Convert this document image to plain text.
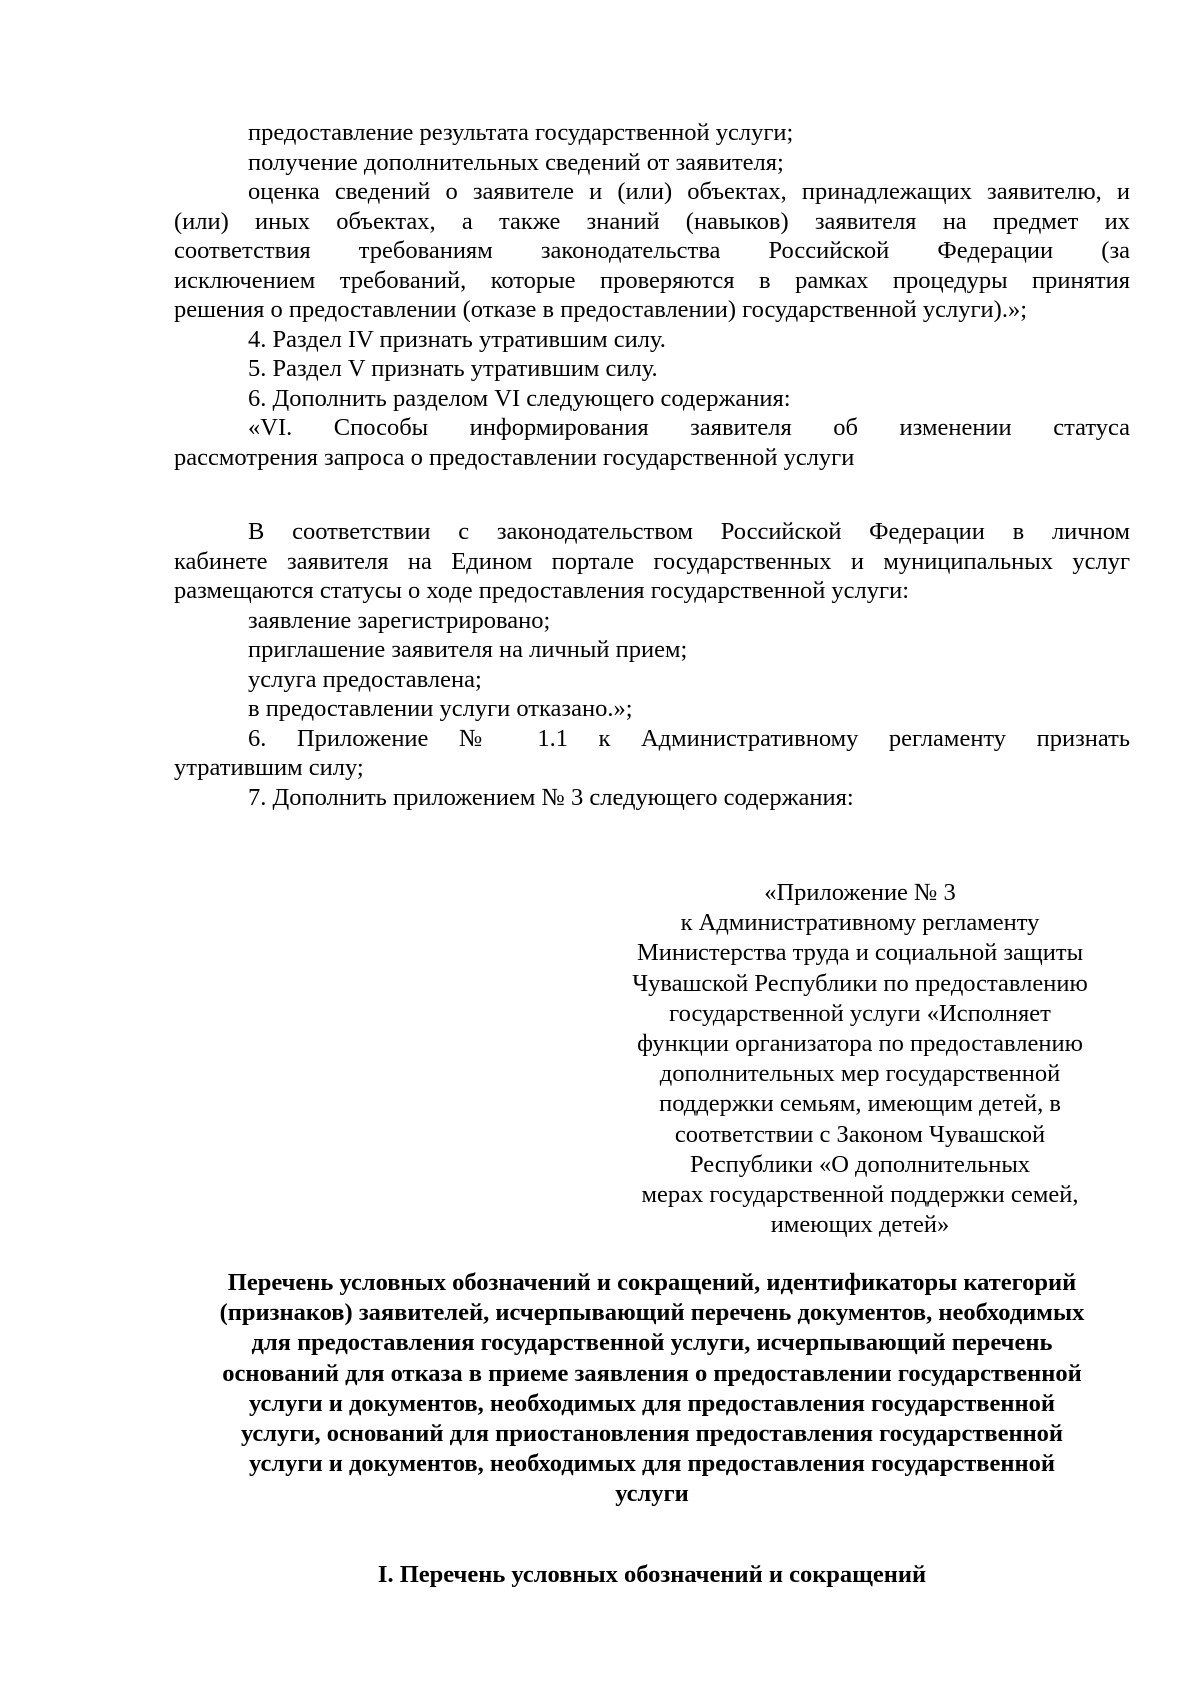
предоставление результата государственной услуги;
получение дополнительных сведений от заявителя;
оценка сведений о заявителе и (или) объектах, принадлежащих заявителю, и
(или) иных объектах, а также знаний (навыков) заявителя на предмет их
соответствия требованиям законодательства Российской Федерации (за
исключением требований, которые проверяются в рамках процедуры принятия
решения о предоставлении (отказе в предоставлении) государственной услуги).»;
4. Раздел IV признать утратившим силу.
5. Раздел V признать утратившим силу.
6. Дополнить разделом VI следующего содержания:
«VI. Способы информирования заявителя об изменении статуса
рассмотрения запроса о предоставлении государственной услуги
В соответствии с законодательством Российской Федерации в личном
кабинете заявителя на Едином портале государственных и муниципальных услуг
размещаются статусы о ходе предоставления государственной услуги:
заявление зарегистрировано;
приглашение заявителя на личный прием;
услуга предоставлена;
в предоставлении услуги отказано.»;
6. Приложение № 1.1 к Административному регламенту признать
утратившим силу;
7. Дополнить приложением № 3 следующего содержания:
«Приложение № 3
к Административному регламенту
Министерства труда и социальной защиты
Чувашской Республики по предоставлению
государственной услуги «Исполняет
функции организатора по предоставлению
дополнительных мер государственной
поддержки семьям, имеющим детей, в
соответствии с Законом Чувашской
Республики «О дополнительных
мерах государственной поддержки семей,
имеющих детей»
Перечень условных обозначений и сокращений, идентификаторы категорий
(признаков) заявителей, исчерпывающий перечень документов, необходимых
для предоставления государственной услуги, исчерпывающий перечень
оснований для отказа в приеме заявления о предоставлении государственной
услуги и документов, необходимых для предоставления государственной
услуги, оснований для приостановления предоставления государственной
услуги и документов, необходимых для предоставления государственной
услуги
I. Перечень условных обозначений и сокращений
